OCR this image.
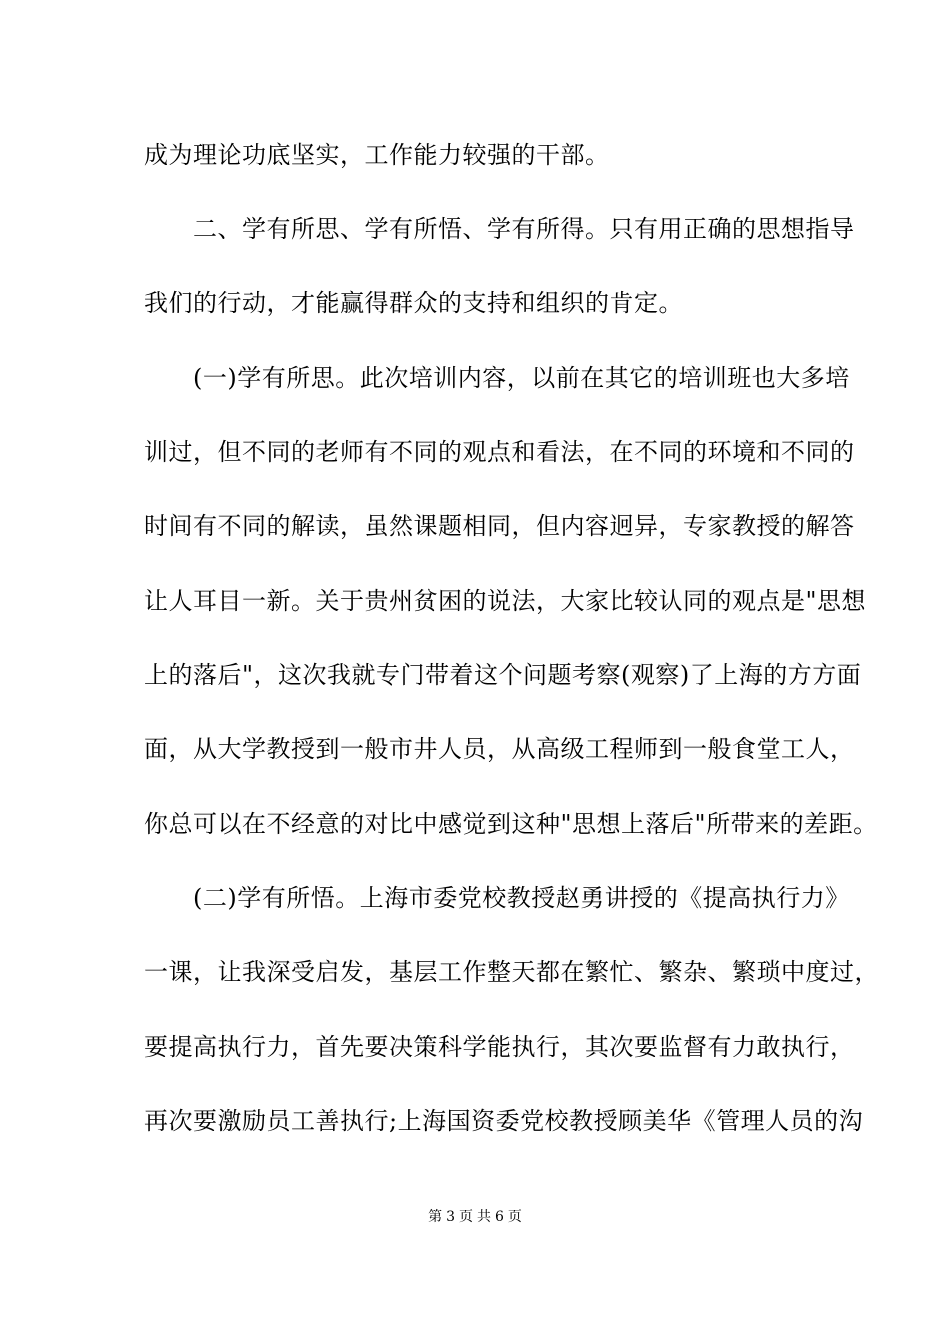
成为理论功底坚实，工作能力较强的干部。
　　二、学有所思、学有所悟、学有所得。只有用正确的思想指导
我们的行动，才能赢得群众的支持和组织的肯定。
　　(一)学有所思。此次培训内容，以前在其它的培训班也大多培
训过，但不同的老师有不同的观点和看法，在不同的环境和不同的
时间有不同的解读，虽然课题相同，但内容迥异，专家教授的解答
让人耳目一新。关于贵州贫困的说法，大家比较认同的观点是"思想
上的落后"，这次我就专门带着这个问题考察(观察)了上海的方方面
面，从大学教授到一般市井人员，从高级工程师到一般食堂工人，
你总可以在不经意的对比中感觉到这种"思想上落后"所带来的差距。
　　(二)学有所悟。上海市委党校教授赵勇讲授的《提高执行力》
一课，让我深受启发，基层工作整天都在繁忙、繁杂、繁琐中度过，
要提高执行力，首先要决策科学能执行，其次要监督有力敢执行，
再次要激励员工善执行;上海国资委党校教授顾美华《管理人员的沟
第 3 页 共 6 页
